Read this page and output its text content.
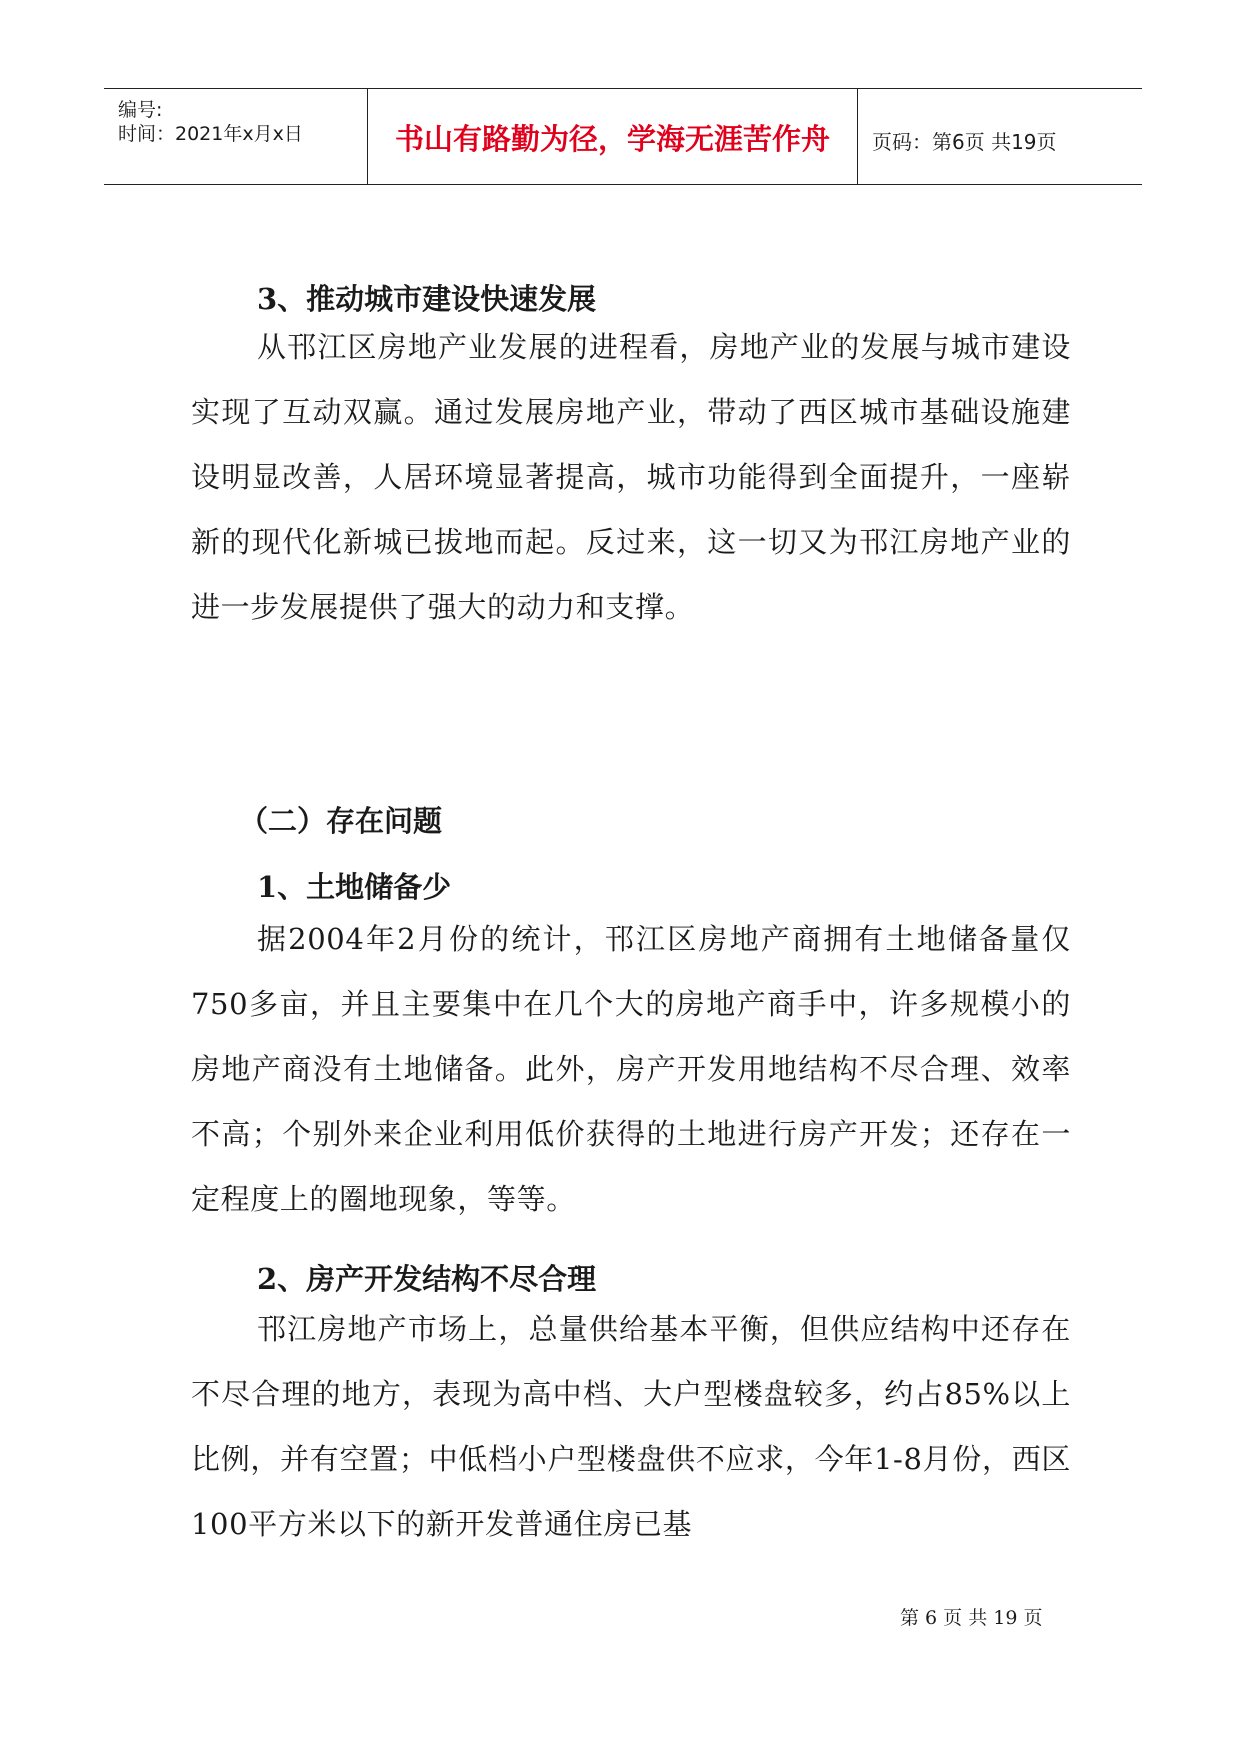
编号:
时间：2021年x月x日	书山有路勤为径，学海无涯苦作舟	页码：第6页 共19页
3、推动城市建设快速发展
从邗江区房地产业发展的进程看，房地产业的发展与城市建设实现了互动双赢。通过发展房地产业，带动了西区城市基础设施建设明显改善，人居环境显著提高，城市功能得到全面提升，一座崭新的现代化新城已拔地而起。反过来，这一切又为邗江房地产业的进一步发展提供了强大的动力和支撑。
（二）存在问题
1、土地储备少
据2004年2月份的统计，邗江区房地产商拥有土地储备量仅750多亩，并且主要集中在几个大的房地产商手中，许多规模小的房地产商没有土地储备。此外，房产开发用地结构不尽合理、效率不高；个别外来企业利用低价获得的土地进行房产开发；还存在一定程度上的圈地现象，等等。
2、房产开发结构不尽合理
邗江房地产市场上，总量供给基本平衡，但供应结构中还存在不尽合理的地方，表现为高中档、大户型楼盘较多，约占85%以上比例，并有空置；中低档小户型楼盘供不应求，今年1-8月份，西区100平方米以下的新开发普通住房已基
第 6 页 共 19 页
